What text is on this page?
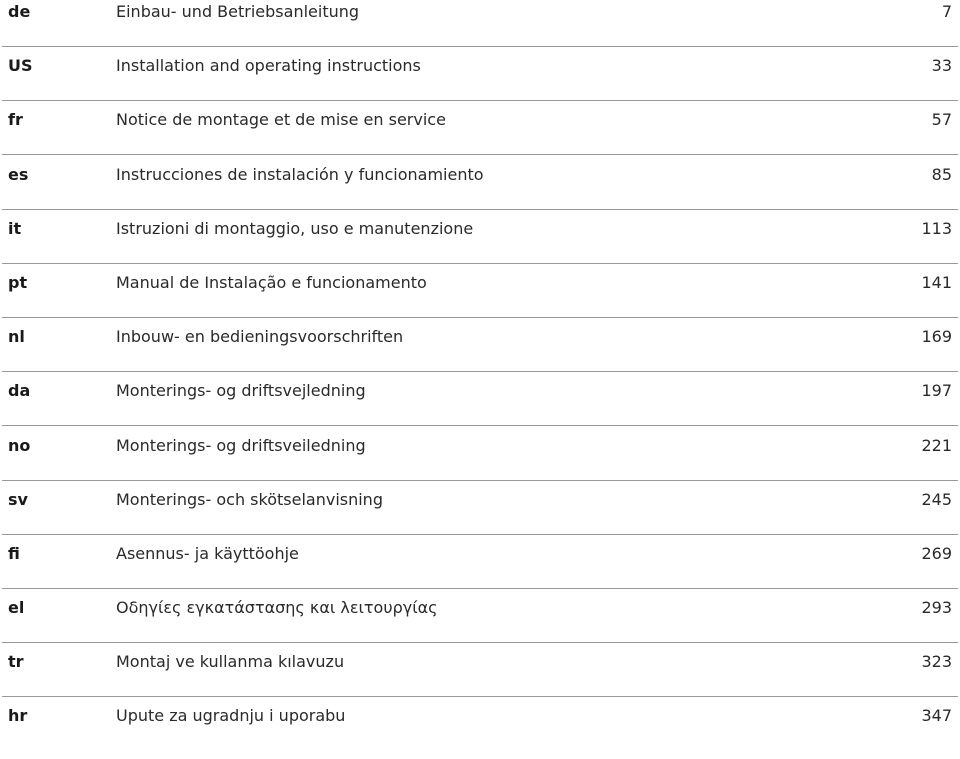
de	Einbau- und Betriebsanleitung	7
US	Installation and operating instructions	33
fr	Notice de montage et de mise en service	57
es	Instrucciones de instalación y funcionamiento	85
it	Istruzioni di montaggio, uso e manutenzione	113
pt	Manual de Instalação e funcionamento	141
nl	Inbouw- en bedieningsvoorschriften	169
da	Monterings- og driftsvejledning	197
no	Monterings- og driftsveiledning	221
sv	Monterings- och skötselanvisning	245
fi	Asennus- ja käyttöohje	269
el	Οδηγίες εγκατάστασης και λειτουργίας	293
tr	Montaj ve kullanma kılavuzu	323
hr	Upute za ugradnju i uporabu	347
